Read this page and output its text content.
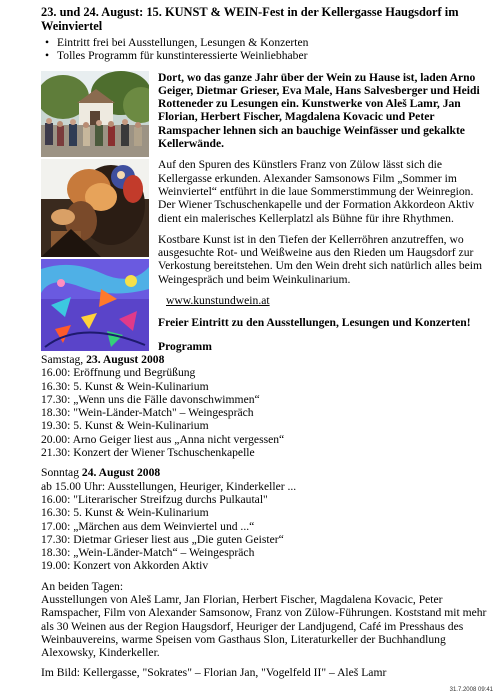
23. und 24. August: 15. KUNST & WEIN-Fest in der Kellergasse Haugsdorf im Weinviertel
• Eintritt frei bei Ausstellungen, Lesungen & Konzerten
• Tolles Programm für kunstinteressierte Weinliebhaber

Dort, wo das ganze Jahr über der Wein zu Hause ist, laden Arno Geiger, Dietmar Grieser, Eva Male, Hans Salvesberger und Heidi Rotteneder zu Lesungen ein. Kunstwerke von Aleš Lamr, Jan Florian, Herbert Fischer, Magdalena Kovacic und Peter Ramspacher lehnen sich an bauchige Weinfässer und gekalkte Kellerwände.

Auf den Spuren des Künstlers Franz von Zülow lässt sich die Kellergasse erkunden. Alexander Samsonows Film „Sommer im Weinviertel“ entführt in die laue Sommerstimmung der Weinregion. Der Wiener Tschuschenkapelle und der Formation Akkordeon Aktiv dient ein malerisches Kellerplatzl als Bühne für ihre Rhythmen.

Kostbare Kunst ist in den Tiefen der Kellerröhren anzutreffen, wo ausgesuchte Rot- und Weißweine aus den Rieden um Haugsdorf zur Verkostung bereitstehen. Um den Wein dreht sich natürlich alles beim Weingespräch und beim Weinkulinarium.

www.kunstundwein.at

Freier Eintritt zu den Ausstellungen, Lesungen und Konzerten!

Programm

Samstag, 23. August 2008
16.00: Eröffnung und Begrüßung
16.30: 5. Kunst & Wein-Kulinarium
17.30: „Wenn uns die Fälle davonschwimmen“
18.30: "Wein-Länder-Match" – Weingespräch
19.30: 5. Kunst & Wein-Kulinarium
20.00: Arno Geiger liest aus „Anna nicht vergessen“
21.30: Konzert der Wiener Tschuschenkapelle
Sonntag 24. August 2008
ab 15.00 Uhr: Ausstellungen, Heuriger, Kinderkeller ...
16.00: "Literarischer Streifzug durchs Pulkautal"
16.30: 5. Kunst & Wein-Kulinarium
17.00: „Märchen aus dem Weinviertel und ...“
17.30: Dietmar Grieser liest aus „Die guten Geister“
18.30: „Wein-Länder-Match“ – Weingespräch
19.00: Konzert von Akkorden Aktiv
An beiden Tagen:
Ausstellungen von Aleš Lamr, Jan Florian, Herbert Fischer, Magdalena Kovacic, Peter Ramspacher, Film von Alexander Samsonow, Franz von Zülow-Führungen. Koststand mit mehr als 30 Weinen aus der Region Haugsdorf, Heuriger der Landjugend, Café im Presshaus des Weinbauvereins, warme Speisen vom Gasthaus Slon, Literaturkeller der Buchhandlung Alexowsky, Kinderkeller.
Im Bild: Kellergasse, "Sokrates" – Florian Jan, "Vogelfeld II" – Aleš Lamr
31.7.2008 09:41
